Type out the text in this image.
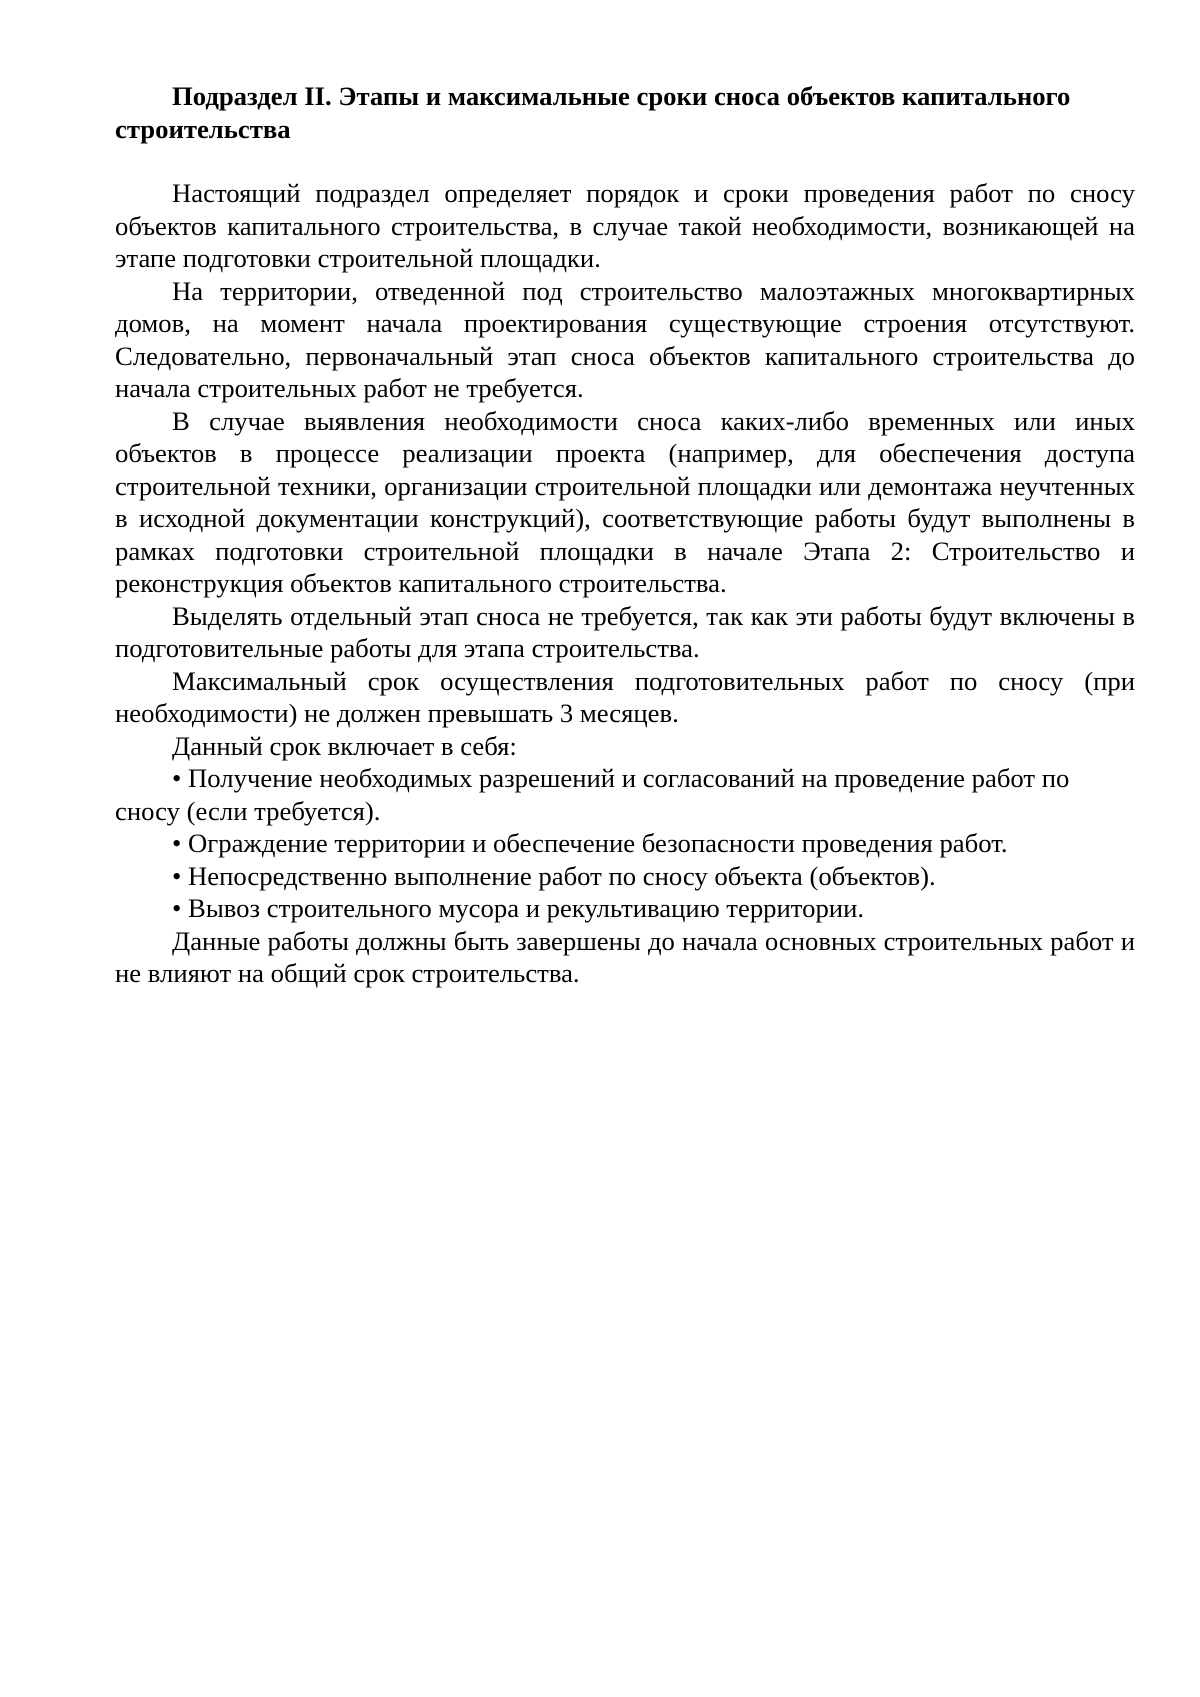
Подраздел II. Этапы и максимальные сроки сноса объектов капитального строительства

Настоящий подраздел определяет порядок и сроки проведения работ по сносу объектов капитального строительства, в случае такой необходимости, возникающей на этапе подготовки строительной площадки.

На территории, отведенной под строительство малоэтажных многоквартирных домов, на момент начала проектирования существующие строения отсутствуют. Следовательно, первоначальный этап сноса объектов капитального строительства до начала строительных работ не требуется.

В случае выявления необходимости сноса каких-либо временных или иных объектов в процессе реализации проекта (например, для обеспечения доступа строительной техники, организации строительной площадки или демонтажа неучтенных в исходной документации конструкций), соответствующие работы будут выполнены в рамках подготовки строительной площадки в начале Этапа 2: Строительство и реконструкция объектов капитального строительства.

Выделять отдельный этап сноса не требуется, так как эти работы будут включены в подготовительные работы для этапа строительства.

Максимальный срок осуществления подготовительных работ по сносу (при необходимости) не должен превышать 3 месяцев.

Данный срок включает в себя:

• Получение необходимых разрешений и согласований на проведение работ по сносу (если требуется).

• Ограждение территории и обеспечение безопасности проведения работ.

• Непосредственно выполнение работ по сносу объекта (объектов).

• Вывоз строительного мусора и рекультивацию территории.

Данные работы должны быть завершены до начала основных строительных работ и не влияют на общий срок строительства.
